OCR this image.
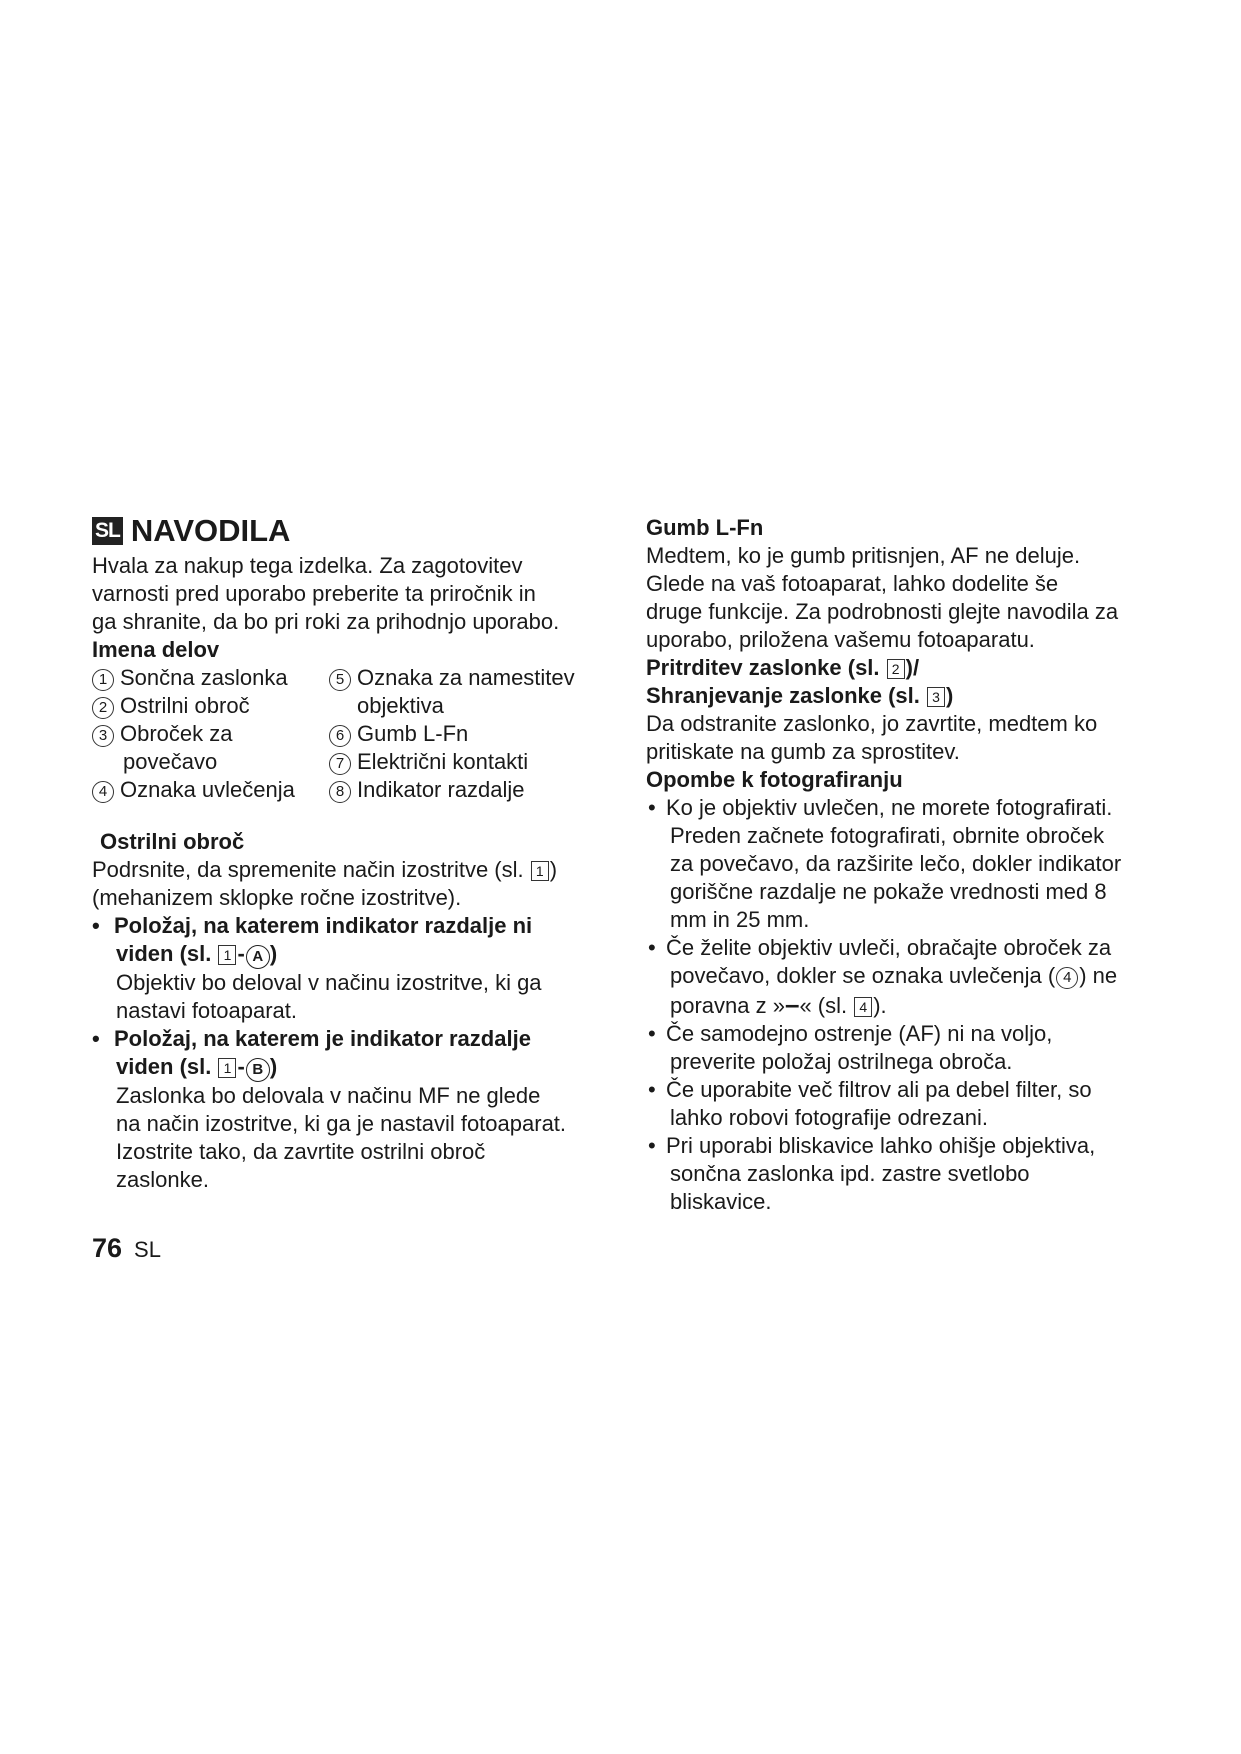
SL NAVODILA

Hvala za nakup tega izdelka. Za zagotovitev

varnosti pred uporabo preberite ta priročnik in

ga shranite, da bo pri roki za prihodnjo uporabo.

Imena delov

1 Sončna zaslonka
2 Ostrilni obroč
3 Obroček za
povečavo
4 Oznaka uvlečenja
5 Oznaka za namestitev
objektiva
6 Gumb L-Fn
7 Električni kontakti
8 Indikator razdalje

Ostrilni obroč

Podrsnite, da spremenite način izostritve (sl. 1 )

(mehanizem sklopke ročne izostritve).

• Položaj, na katerem indikator razdalje ni

viden (sl. 1 - A )

Objektiv bo deloval v načinu izostritve, ki ga

nastavi fotoaparat.

• Položaj, na katerem je indikator razdalje

viden (sl. 1 - B )

Zaslonka bo delovala v načinu MF ne glede

na način izostritve, ki ga je nastavil fotoaparat.

Izostrite tako, da zavrtite ostrilni obroč

zaslonke.

Gumb L-Fn

Medtem, ko je gumb pritisnjen, AF ne deluje.

Glede na vaš fotoaparat, lahko dodelite še

druge funkcije. Za podrobnosti glejte navodila za

uporabo, priložena vašemu fotoaparatu.

Pritrditev zaslonke (sl. 2 )/

Shranjevanje zaslonke (sl. 3 )

Da odstranite zaslonko, jo zavrtite, medtem ko

pritiskate na gumb za sprostitev.

Opombe k fotografiranju

• Ko je objektiv uvlečen, ne morete fotografirati.

Preden začnete fotografirati, obrnite obroček

za povečavo, da razširite lečo, dokler indikator

goriščne razdalje ne pokaže vrednosti med 8

mm in 25 mm.

• Če želite objektiv uvleči, obračajte obroček za

povečavo, dokler se oznaka uvlečenja ( 4 ) ne

poravna z »–« (sl. 4 ).

• Če samodejno ostrenje (AF) ni na voljo,

preverite položaj ostrilnega obroča.

• Če uporabite več filtrov ali pa debel filter, so

lahko robovi fotografije odrezani.

• Pri uporabi bliskavice lahko ohišje objektiva,

sončna zaslonka ipd. zastre svetlobo

bliskavice.

76 SL
